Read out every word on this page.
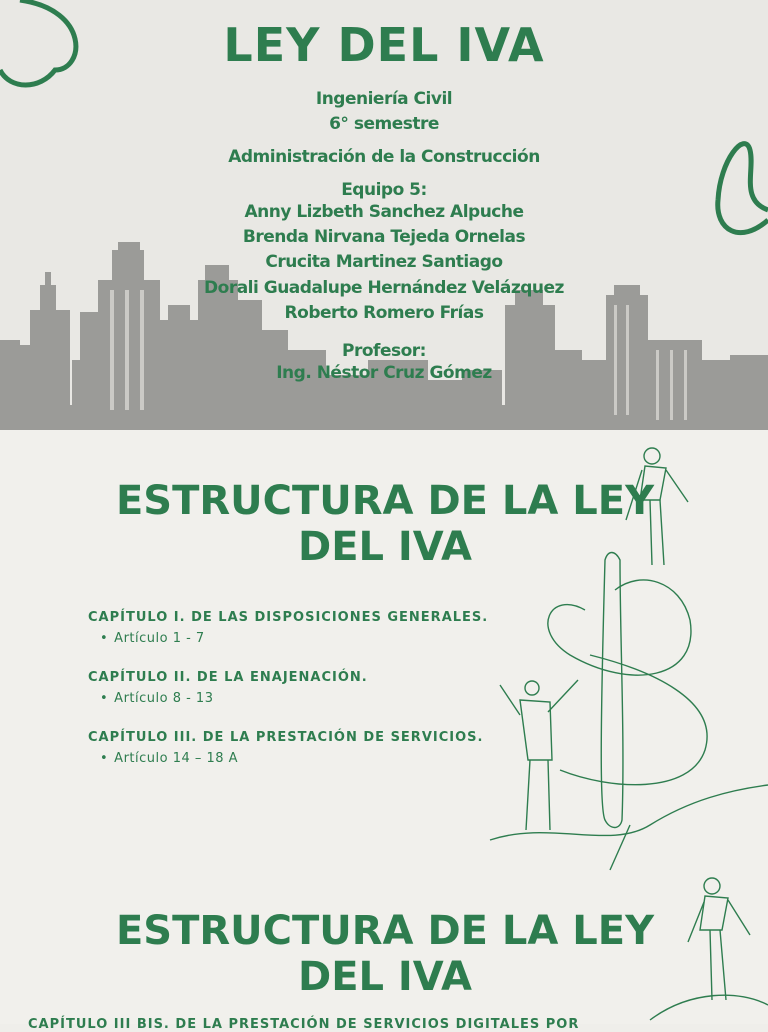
LEY DEL IVA
Ingeniería Civil
6° semestre
Administración de la Construcción
Equipo 5:
Anny Lizbeth Sanchez Alpuche
Brenda Nirvana Tejeda Ornelas
Crucita Martinez Santiago
Dorali Guadalupe Hernández Velázquez
Roberto Romero Frías
Profesor:
Ing. Néstor Cruz Gómez
ESTRUCTURA DE LA LEY
DEL IVA
CAPÍTULO I. DE LAS DISPOSICIONES GENERALES.
• Artículo 1 - 7
CAPÍTULO II. DE LA ENAJENACIÓN.
• Artículo 8 - 13
CAPÍTULO III. DE LA PRESTACIÓN DE SERVICIOS.
• Artículo 14 – 18 A
ESTRUCTURA DE LA LEY
DEL IVA
CAPÍTULO III BIS. DE LA PRESTACIÓN DE SERVICIOS DIGITALES POR
